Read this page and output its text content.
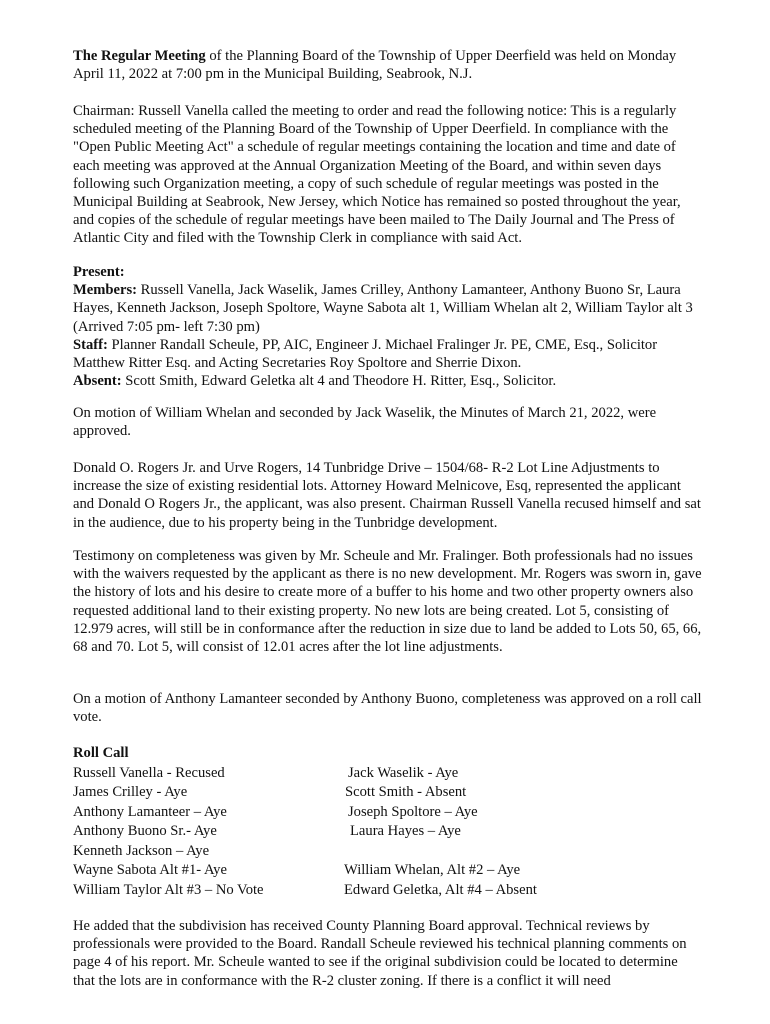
The Regular Meeting of the Planning Board of the Township of Upper Deerfield was held on Monday April 11, 2022 at 7:00 pm in the Municipal Building, Seabrook, N.J.

Chairman: Russell Vanella called the meeting to order and read the following notice: This is a regularly scheduled meeting of the Planning Board of the Township of Upper Deerfield. In compliance with the "Open Public Meeting Act" a schedule of regular meetings containing the location and time and date of each meeting was approved at the Annual Organization Meeting of the Board, and within seven days following such Organization meeting, a copy of such schedule of regular meetings was posted in the Municipal Building at Seabrook, New Jersey, which Notice has remained so posted throughout the year, and copies of the schedule of regular meetings have been mailed to The Daily Journal and The Press of Atlantic City and filed with the Township Clerk in compliance with said Act.

Present:

Members: Russell Vanella, Jack Waselik, James Crilley, Anthony Lamanteer, Anthony Buono Sr, Laura Hayes, Kenneth Jackson, Joseph Spoltore, Wayne Sabota alt 1, William Whelan alt 2, William Taylor alt 3 (Arrived 7:05 pm- left 7:30 pm)

Staff: Planner Randall Scheule, PP, AIC, Engineer J. Michael Fralinger Jr. PE, CME, Esq., Solicitor Matthew Ritter Esq. and Acting Secretaries Roy Spoltore and Sherrie Dixon.

Absent: Scott Smith, Edward Geletka alt 4 and Theodore H. Ritter, Esq., Solicitor.

On motion of William Whelan and seconded by Jack Waselik, the Minutes of March 21, 2022, were approved.

Donald O. Rogers Jr. and Urve Rogers, 14 Tunbridge Drive – 1504/68- R-2 Lot Line Adjustments to increase the size of existing residential lots. Attorney Howard Melnicove, Esq, represented the applicant and Donald O Rogers Jr., the applicant, was also present. Chairman Russell Vanella recused himself and sat in the audience, due to his property being in the Tunbridge development.

Testimony on completeness was given by Mr. Scheule and Mr. Fralinger. Both professionals had no issues with the waivers requested by the applicant as there is no new development. Mr. Rogers was sworn in, gave the history of lots and his desire to create more of a buffer to his home and two other property owners also requested additional land to their existing property. No new lots are being created. Lot 5, consisting of 12.979 acres, will still be in conformance after the reduction in size due to land be added to Lots 50, 65, 66, 68 and 70. Lot 5, will consist of 12.01 acres after the lot line adjustments.

On a motion of Anthony Lamanteer seconded by Anthony Buono, completeness was approved on a roll call vote.

Roll Call
Russell Vanella - Recused	Jack Waselik - Aye
James Crilley - Aye	Scott Smith - Absent
Anthony Lamanteer – Aye	Joseph Spoltore – Aye
Anthony Buono Sr.- Aye	Laura Hayes – Aye
Kenneth Jackson – Aye
Wayne Sabota Alt #1- Aye	William Whelan, Alt #2 – Aye
William Taylor Alt #3 – No Vote	Edward Geletka, Alt #4 – Absent

He added that the subdivision has received County Planning Board approval. Technical reviews by professionals were provided to the Board. Randall Scheule reviewed his technical planning comments on page 4 of his report. Mr. Scheule wanted to see if the original subdivision could be located to determine that the lots are in conformance with the R-2 cluster zoning. If there is a conflict it will need
